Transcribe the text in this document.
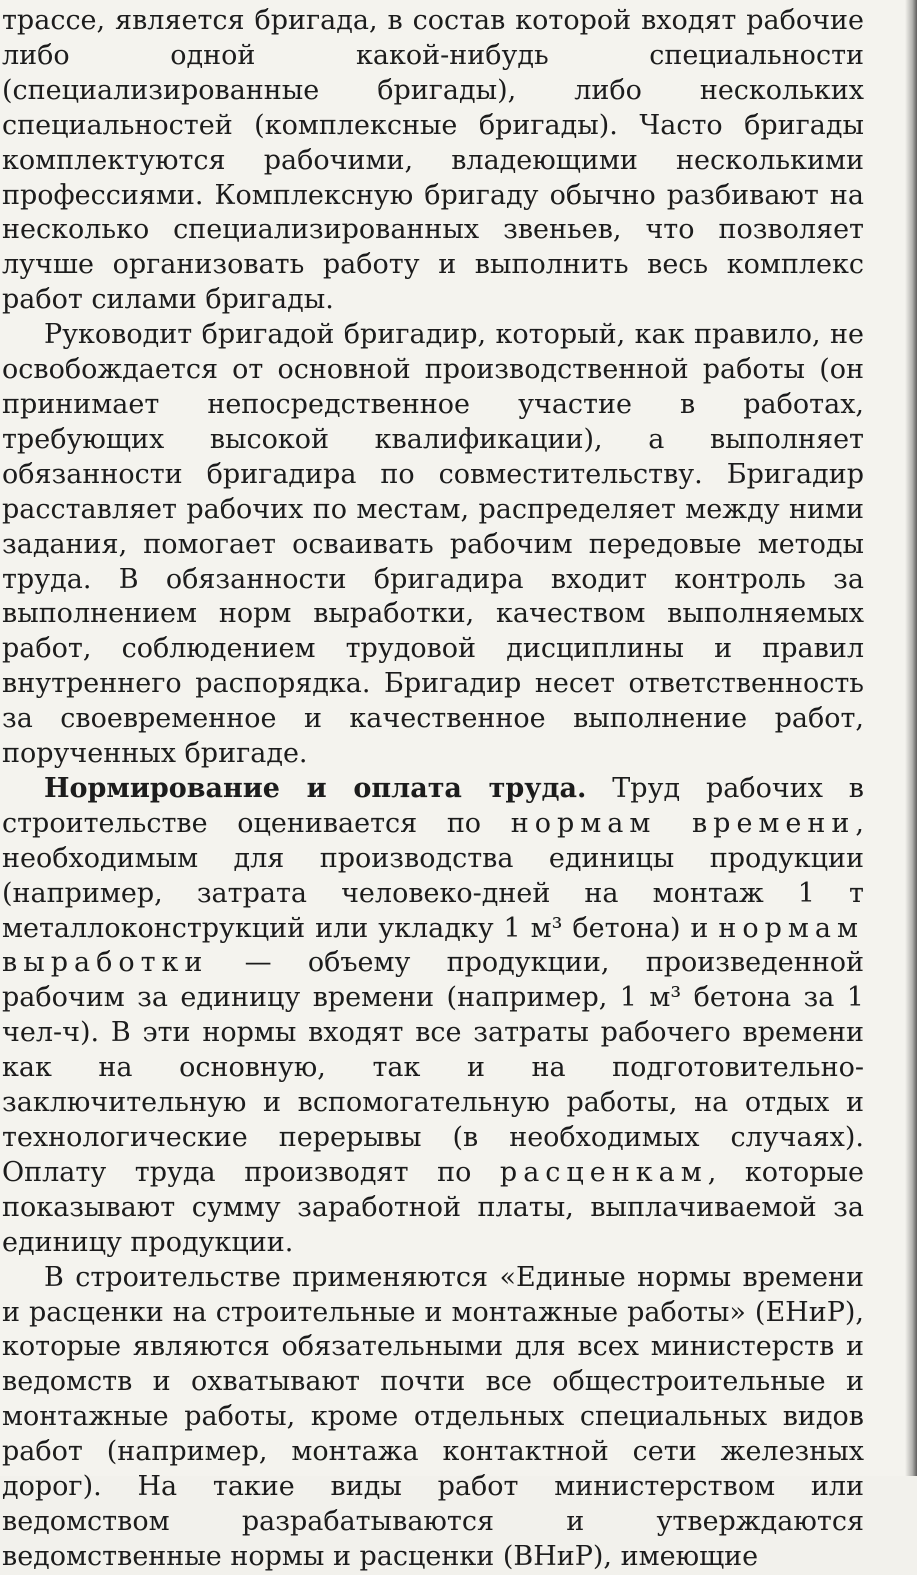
трассе, является бригада, в состав которой входят рабочие либо одной какой-нибудь специальности (специализированные бригады), либо нескольких специальностей (комплексные бригады). Часто бригады комплектуются рабочими, владеющими несколькими профессиями. Комплексную бригаду обычно разбивают на несколько специализированных звеньев, что позволяет лучше организовать работу и выполнить весь комплекс работ силами бригады.

Руководит бригадой бригадир, который, как правило, не освобождается от основной производственной работы (он принимает непосредственное участие в работах, требующих высокой квалификации), а выполняет обязанности бригадира по совместительству. Бригадир расставляет рабочих по местам, распределяет между ними задания, помогает осваивать рабочим передовые методы труда. В обязанности бригадира входит контроль за выполнением норм выработки, качеством выполняемых работ, соблюдением трудовой дисциплины и правил внутреннего распорядка. Бригадир несет ответственность за своевременное и качественное выполнение работ, порученных бригаде.

Нормирование и оплата труда. Труд рабочих в строительстве оценивается по нормам времени, необходимым для производства единицы продукции (например, затрата человеко-дней на монтаж 1 т металлоконструкций или укладку 1 м³ бетона) и нормам выработки — объему продукции, произведенной рабочим за единицу времени (например, 1 м³ бетона за 1 чел-ч). В эти нормы входят все затраты рабочего времени как на основную, так и на подготовительно-заключительную и вспомогательную работы, на отдых и технологические перерывы (в необходимых случаях). Оплату труда производят по расценкам, которые показывают сумму заработной платы, выплачиваемой за единицу продукции.

В строительстве применяются «Единые нормы времени и расценки на строительные и монтажные работы» (ЕНиР), которые являются обязательными для всех министерств и ведомств и охватывают почти все общестроительные и монтажные работы, кроме отдельных специальных видов работ (например, монтажа контактной сети железных дорог). На такие виды работ министерством или ведомством разрабатываются и утверждаются ведомственные нормы и расценки (ВНиР), имеющие
